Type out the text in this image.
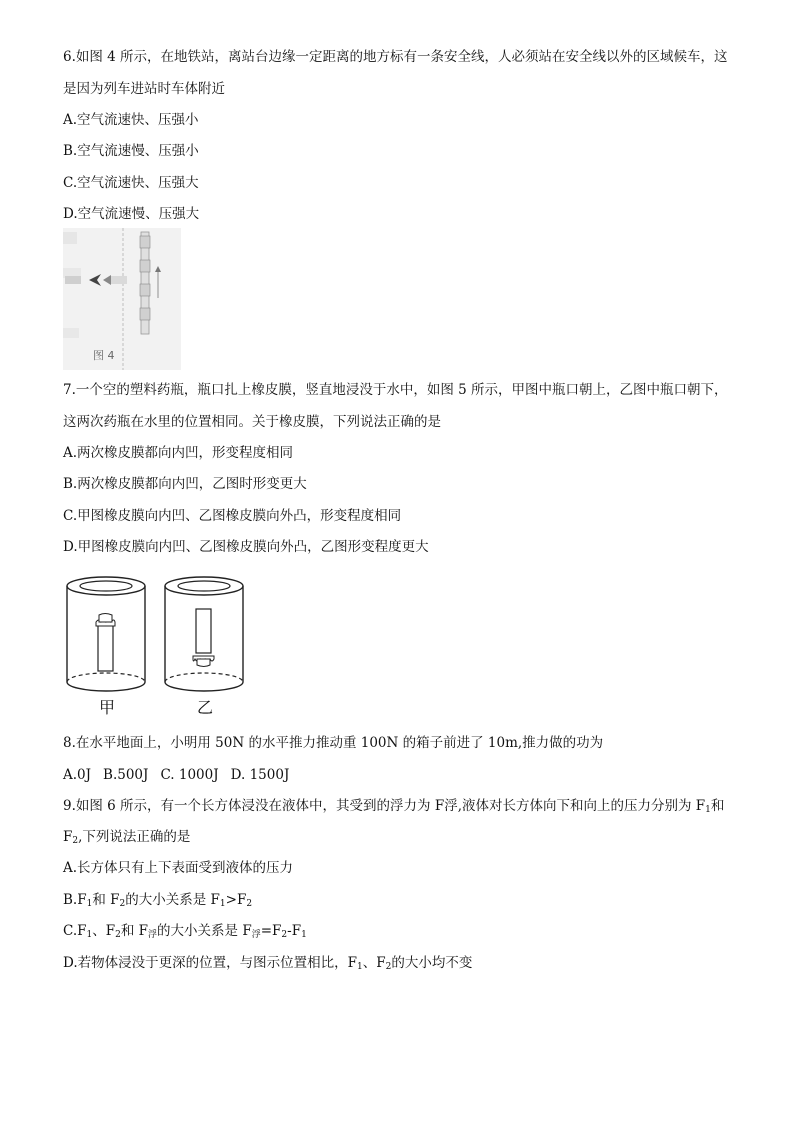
6.如图 4 所示，在地铁站，离站台边缘一定距离的地方标有一条安全线，人必须站在安全线以外的区域候车，这
是因为列车进站时车体附近
A.空气流速快、压强小
B.空气流速慢、压强小
C.空气流速快、压强大
D.空气流速慢、压强大
图 4
7.一个空的塑料药瓶，瓶口扎上橡皮膜，竖直地浸没于水中，如图 5 所示，甲图中瓶口朝上，乙图中瓶口朝下，
这两次药瓶在水里的位置相同。关于橡皮膜，下列说法正确的是
A.两次橡皮膜都向内凹，形变程度相同
B.两次橡皮膜都向内凹，乙图时形变更大
C.甲图橡皮膜向内凹、乙图橡皮膜向外凸，形变程度相同
D.甲图橡皮膜向内凹、乙图橡皮膜向外凸，乙图形变程度更大
甲	乙
8.在水平地面上，小明用 50N 的水平推力推动重 100N 的箱子前进了 10m,推力做的功为
A.0J B.500J C. 1000J D. 1500J
9.如图 6 所示，有一个长方体浸没在液体中，其受到的浮力为 F浮,液体对长方体向下和向上的压力分别为 $F_1$和
$F_2$,下列说法正确的是
A.长方体只有上下表面受到液体的压力
$B.F_1$和 $F_2$的大小关系是 $F_1>F_2$
$C.F_1$、$F_2$和 $F_浮$的大小关系是 $F_浮=F_2-F_1$
D.若物体浸没于更深的位置，与图示位置相比，$F_1$、$F_2$的大小均不变
